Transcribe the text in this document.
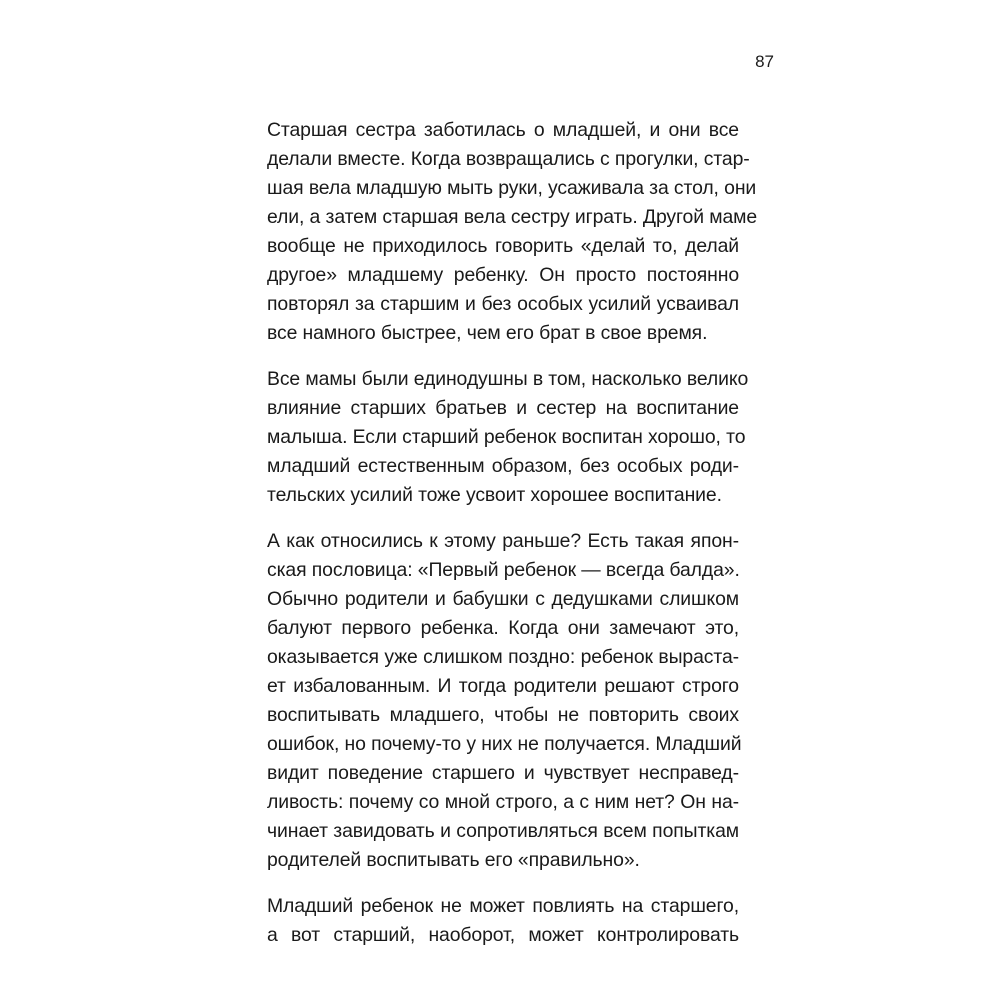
87

Старшая сестра заботилась о младшей, и они все
делали вместе. Когда возвращались с прогулки, стар-
шая вела младшую мыть руки, усаживала за стол, они
ели, а затем старшая вела сестру играть. Другой маме
вообще не приходилось говорить «делай то, делай
другое» младшему ребенку. Он просто постоянно
повторял за старшим и без особых усилий усваивал
все намного быстрее, чем его брат в свое время.

Все мамы были единодушны в том, насколько велико
влияние старших братьев и сестер на воспитание
малыша. Если старший ребенок воспитан хорошо, то
младший естественным образом, без особых роди-
тельских усилий тоже усвоит хорошее воспитание.

А как относились к этому раньше? Есть такая япон-
ская пословица: «Первый ребенок — всегда балда».
Обычно родители и бабушки с дедушками слишком
балуют первого ребенка. Когда они замечают это,
оказывается уже слишком поздно: ребенок выраста-
ет избалованным. И тогда родители решают строго
воспитывать младшего, чтобы не повторить своих
ошибок, но почему-то у них не получается. Младший
видит поведение старшего и чувствует несправед-
ливость: почему со мной строго, а с ним нет? Он на-
чинает завидовать и сопротивляться всем попыткам
родителей воспитывать его «правильно».

Младший ребенок не может повлиять на старшего,
а вот старший, наоборот, может контролировать
